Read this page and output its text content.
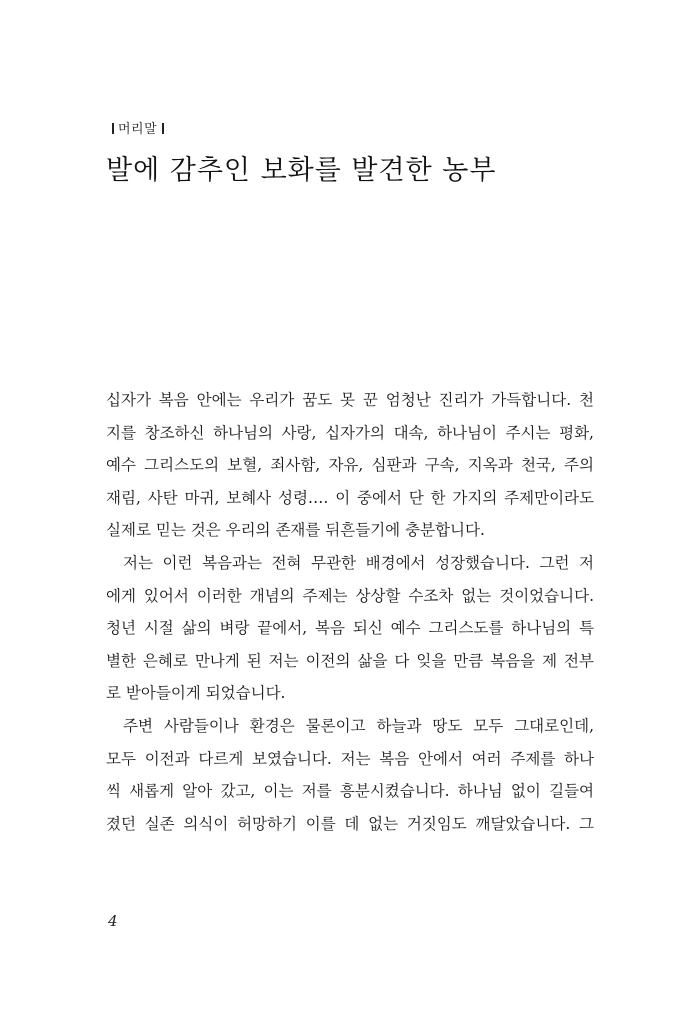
머리말
발에 감추인 보화를 발견한 농부
십자가 복음 안에는 우리가 꿈도 못 꾼 엄청난 진리가 가득합니다. 천
지를 창조하신 하나님의 사랑, 십자가의 대속, 하나님이 주시는 평화,
예수 그리스도의 보혈, 죄사함, 자유, 심판과 구속, 지옥과 천국, 주의
재림, 사탄 마귀, 보혜사 성령…. 이 중에서 단 한 가지의 주제만이라도
실제로 믿는 것은 우리의 존재를 뒤흔들기에 충분합니다.
저는 이런 복음과는 전혀 무관한 배경에서 성장했습니다. 그런 저
에게 있어서 이러한 개념의 주제는 상상할 수조차 없는 것이었습니다.
청년 시절 삶의 벼랑 끝에서, 복음 되신 예수 그리스도를 하나님의 특
별한 은혜로 만나게 된 저는 이전의 삶을 다 잊을 만큼 복음을 제 전부
로 받아들이게 되었습니다.
주변 사람들이나 환경은 물론이고 하늘과 땅도 모두 그대로인데,
모두 이전과 다르게 보였습니다. 저는 복음 안에서 여러 주제를 하나
씩 새롭게 알아 갔고, 이는 저를 흥분시켰습니다. 하나님 없이 길들여
졌던 실존 의식이 허망하기 이를 데 없는 거짓임도 깨달았습니다. 그
4
